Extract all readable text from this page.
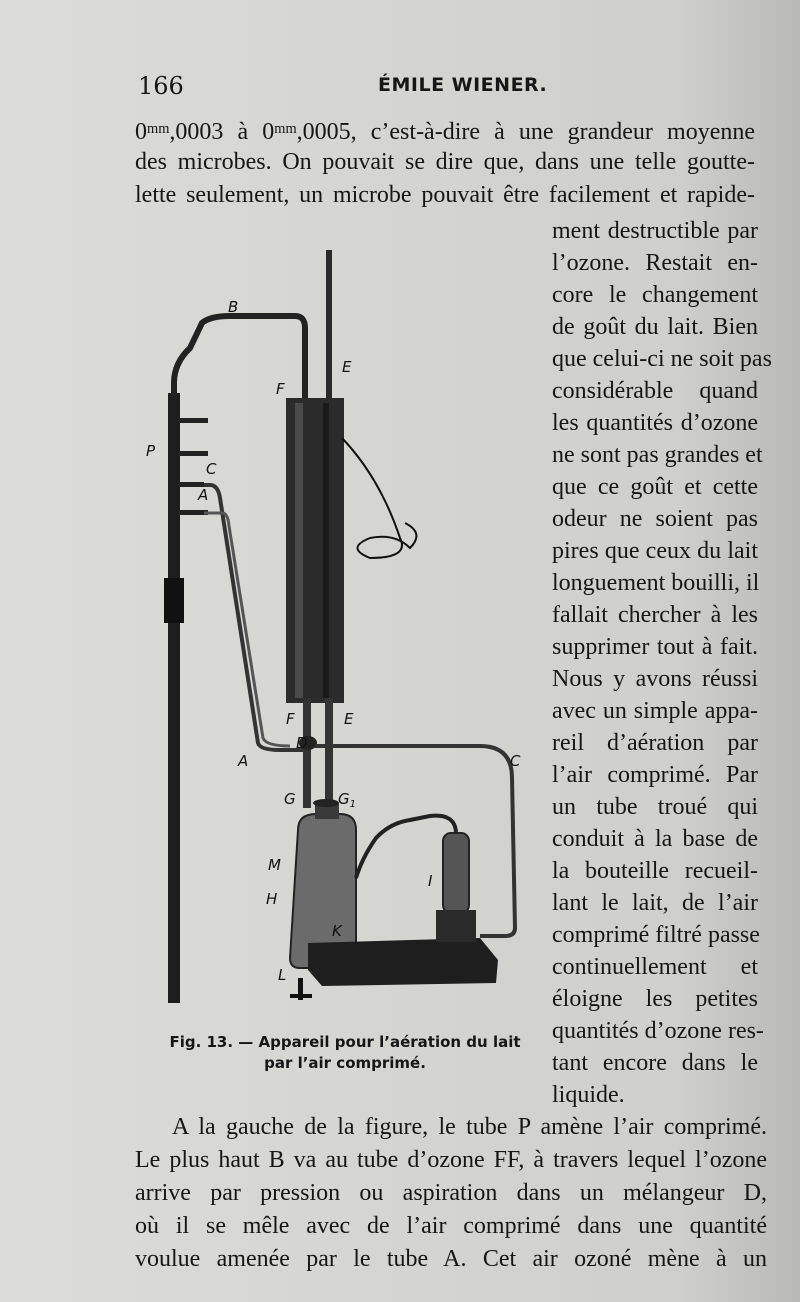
166	ÉMILE WIENER.
$0^{mm},0003$ à $0^{mm},0005$, c’est-à-dire à une grandeur moyenne
des microbes. On pouvait se dire que, dans une telle goutte-
lette seulement, un microbe pouvait être facilement et rapide-
ment destructible par
l’ozone. Restait en-
core le changement
de goût du lait. Bien
que celui-ci ne soit pas
considérable quand
les quantités d’ozone
ne sont pas grandes et
que ce goût et cette
odeur ne soient pas
pires que ceux du lait
longuement bouilli, il
fallait chercher à les
supprimer tout à fait.
Nous y avons réussi
avec un simple appa-
reil d’aération par
l’air comprimé. Par
un tube troué qui
conduit à la base de
la bouteille recueil-
lant le lait, de l’air
comprimé filtré passe
continuellement et
éloigne les petites
quantités d’ozone res-
tant encore dans le
liquide.
B
E
F
P
C
A
F	E
D
A	C
G	$G_1$
M
H
I
K
L
Fig. 13. — Appareil pour l’aération du lait
par l’air comprimé.
A la gauche de la figure, le tube P amène l’air comprimé.
Le plus haut B va au tube d’ozone FF, à travers lequel l’ozone
arrive par pression ou aspiration dans un mélangeur D,
où il se mêle avec de l’air comprimé dans une quantité
voulue amenée par le tube A. Cet air ozoné mène à un
